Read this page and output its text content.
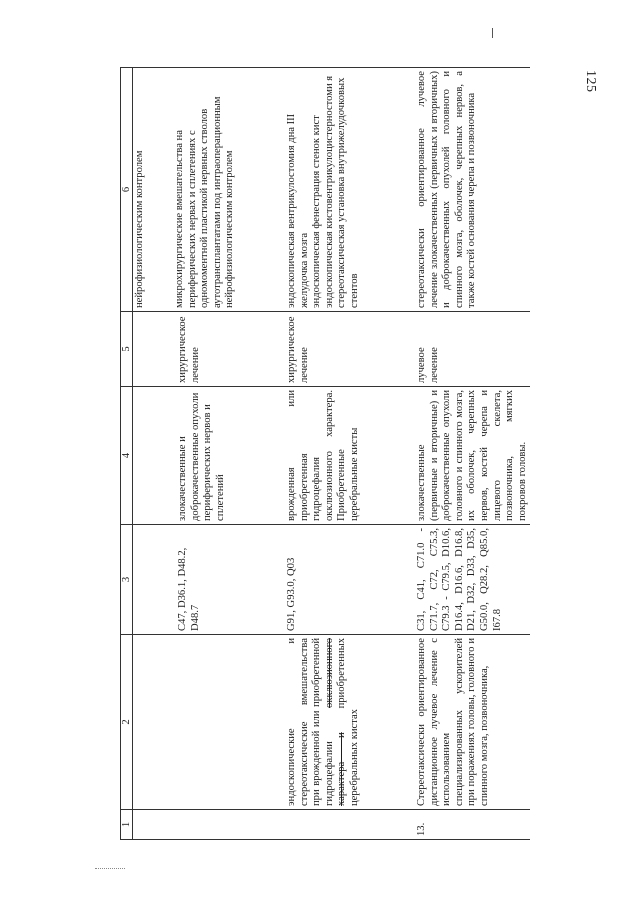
125
1	2	3	4	5	6
					нейрофизиологическим контролем
		C47, D36.1, D48.2, D48.7	злокачественные и доброкачественные опухоли периферических нервов и сплетений	хирургическое лечение	микрохирургические вмешательства на периферических нервах и сплетениях с одномоментной пластикой нервных стволов аутотрансплантатами под интраоперационным нейрофизиологическим контролем
	эндоскопические и стереотаксические вмешательства при врожденной или приобретенной гидроцефалии окклюзионного характера и приобретенных церебральных кистах	G91, G93.0, Q03	врожденная или приобретенная гидроцефалия окклюзионного характера. Приобретенные церебральные кисты	хирургическое лечение	эндоскопическая вентрикулостомия дна III желудочка мозга
эндоскопическая фенестрация стенок кист
эндоскопическая кистовентрикулоцистерностоми я
стереотаксическая установка внутрижелудочковых стентов
13.	Стереотаксически ориентированное дистанционное лучевое лечение с использованием специализированных ускорителей при поражениях головы, головного и спинного мозга, позвоночника,	C31, C41, C71.0 - C71.7, C72, C75.3, C79.3 - C79.5, D10.6, D16.4, D16.6, D16.8, D21, D32, D33, D35, G50.0, Q28.2, Q85.0, I67.8	злокачественные (первичные и вторичные) и доброкачественные опухоли головного и спинного мозга, их оболочек, черепных нервов, костей черепа и лицевого скелета, позвоночника, мягких покровов головы.	лучевое лечение	стереотаксически ориентированное лучевое лечение злокачественных (первичных и вторичных) и доброкачественных опухолей головного и спинного мозга, оболочек, черепных нервов, а также костей основания черепа и позвоночника
